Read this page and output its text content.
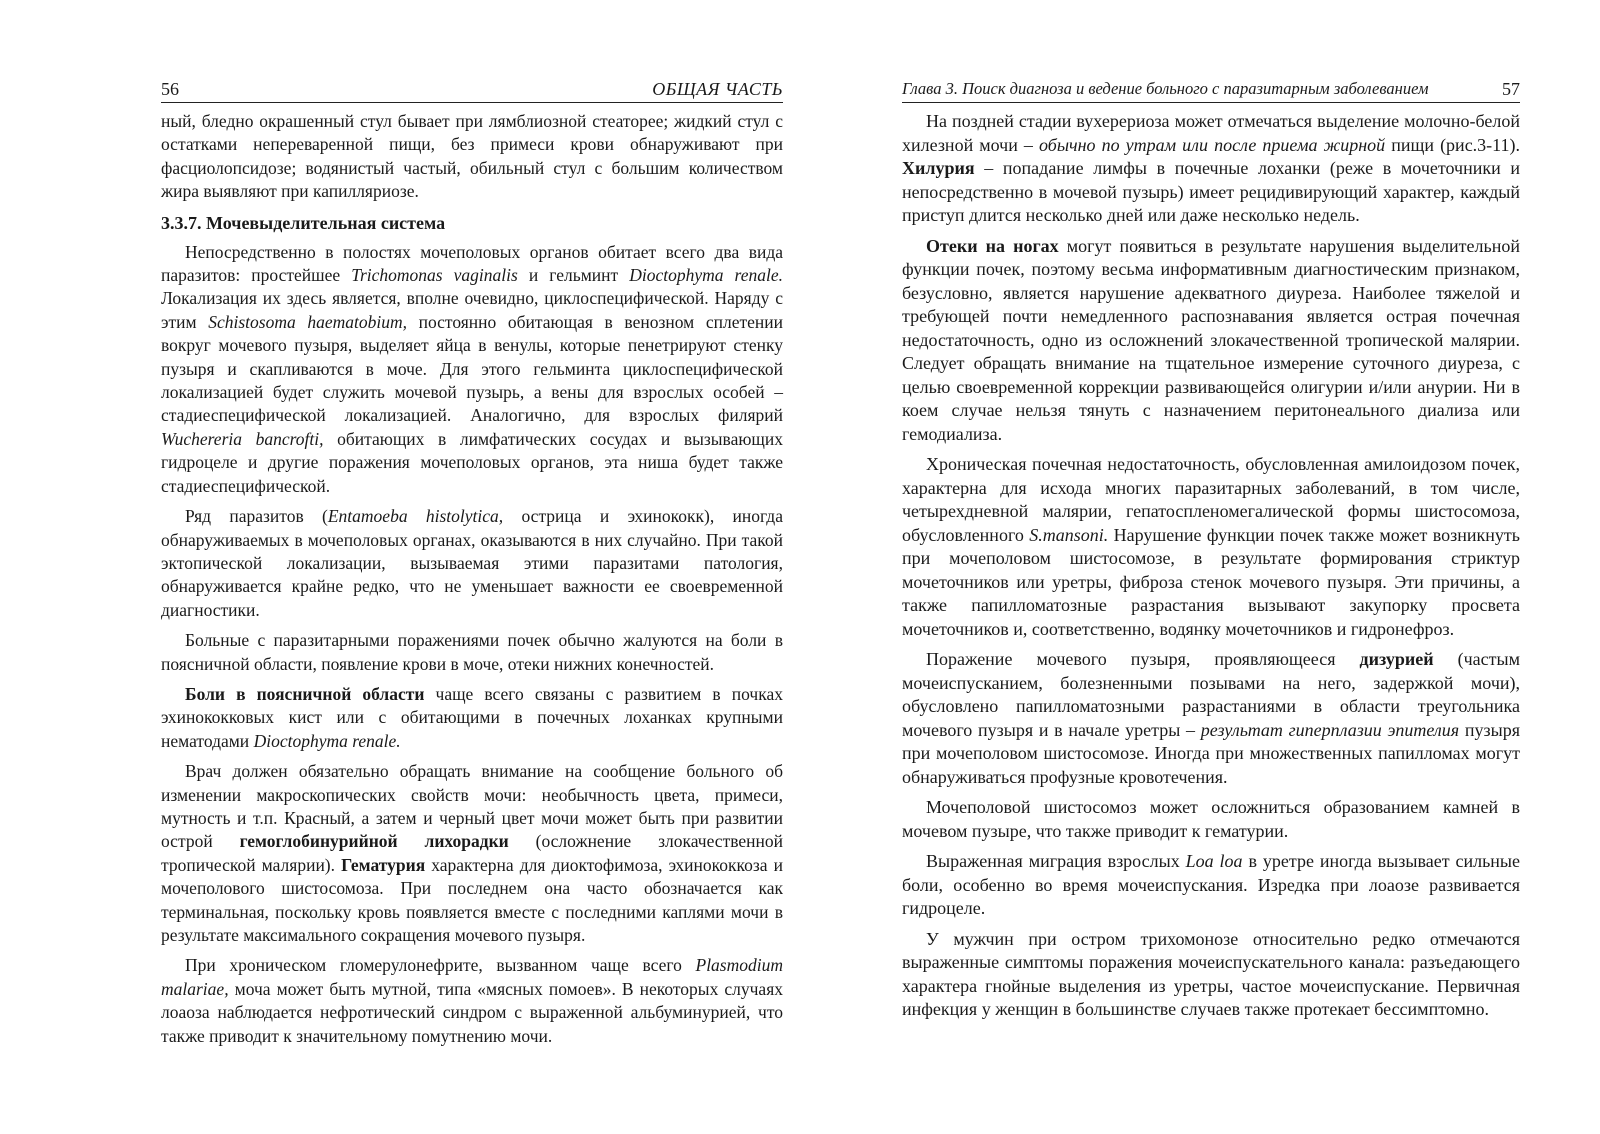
56	ОБЩАЯ ЧАСТЬ

ный, бледно окрашенный стул бывает при лямблиозной стеаторее; жидкий стул с остатками непереваренной пищи, без примеси крови обнаруживают при фасциолопсидозе; водянистый частый, обильный стул с большим количеством жира выявляют при капилляриозе.

3.3.7. Мочевыделительная система

Непосредственно в полостях мочеполовых органов обитает всего два вида паразитов: простейшее Trichomonas vaginalis и гельминт Dioctophyma renale. Локализация их здесь является, вполне очевидно, циклоспецифической. Наряду с этим Schistosoma haematobium, постоянно обитающая в венозном сплетении вокруг мочевого пузыря, выделяет яйца в венулы, которые пенетрируют стенку пузыря и скапливаются в моче. Для этого гельминта циклоспецифической локализацией будет служить мочевой пузырь, а вены для взрослых особей – стадиеспецифической локализацией. Аналогично, для взрослых филярий Wuchereria bancrofti, обитающих в лимфатических сосудах и вызывающих гидроцеле и другие поражения мочеполовых органов, эта ниша будет также стадиеспецифической.

Ряд паразитов (Entamoeba histolytica, острица и эхинококк), иногда обнаруживаемых в мочеполовых органах, оказываются в них случайно. При такой эктопической локализации, вызываемая этими паразитами патология, обнаруживается крайне редко, что не уменьшает важности ее своевременной диагностики.

Больные с паразитарными поражениями почек обычно жалуются на боли в поясничной области, появление крови в моче, отеки нижних конечностей.

Боли в поясничной области чаще всего связаны с развитием в почках эхинококковых кист или с обитающими в почечных лоханках крупными нематодами Dioctophyma renale.

Врач должен обязательно обращать внимание на сообщение больного об изменении макроскопических свойств мочи: необычность цвета, примеси, мутность и т.п. Красный, а затем и черный цвет мочи может быть при развитии острой гемоглобинурийной лихорадки (осложнение злокачественной тропической малярии). Гематурия характерна для диоктофимоза, эхинококкоза и мочеполового шистосомоза. При последнем она часто обозначается как терминальная, поскольку кровь появляется вместе с последними каплями мочи в результате максимального сокращения мочевого пузыря.

При хроническом гломерулонефрите, вызванном чаще всего Plasmodium malariae, моча может быть мутной, типа «мясных помоев». В некоторых случаях лоаоза наблюдается нефротический синдром с выраженной альбуминурией, что также приводит к значительному помутнению мочи.

Глава 3. Поиск диагноза и ведение больного с паразитарным заболеванием	57

На поздней стадии вухерериоза может отмечаться выделение молочно-белой хилезной мочи – обычно по утрам или после приема жирной пищи (рис.3-11). Хилурия – попадание лимфы в почечные лоханки (реже в мочеточники и непосредственно в мочевой пузырь) имеет рецидивирующий характер, каждый приступ длится несколько дней или даже несколько недель.

Отеки на ногах могут появиться в результате нарушения выделительной функции почек, поэтому весьма информативным диагностическим признаком, безусловно, является нарушение адекватного диуреза. Наиболее тяжелой и требующей почти немедленного распознавания является острая почечная недостаточность, одно из осложнений злокачественной тропической малярии. Следует обращать внимание на тщательное измерение суточного диуреза, с целью своевременной коррекции развивающейся олигурии и/или анурии. Ни в коем случае нельзя тянуть с назначением перитонеального диализа или гемодиализа.

Хроническая почечная недостаточность, обусловленная амилоидозом почек, характерна для исхода многих паразитарных заболеваний, в том числе, четырехдневной малярии, гепатоспленомегалической формы шистосомоза, обусловленного S.mansoni. Нарушение функции почек также может возникнуть при мочеполовом шистосомозе, в результате формирования стриктур мочеточников или уретры, фиброза стенок мочевого пузыря. Эти причины, а также папилломатозные разрастания вызывают закупорку просвета мочеточников и, соответственно, водянку мочеточников и гидронефроз.

Поражение мочевого пузыря, проявляющееся дизурией (частым мочеиспусканием, болезненными позывами на него, задержкой мочи), обусловлено папилломатозными разрастаниями в области треугольника мочевого пузыря и в начале уретры – результат гиперплазии эпителия пузыря при мочеполовом шистосомозе. Иногда при множественных папилломах могут обнаруживаться профузные кровотечения.

Мочеполовой шистосомоз может осложниться образованием камней в мочевом пузыре, что также приводит к гематурии.

Выраженная миграция взрослых Loa loa в уретре иногда вызывает сильные боли, особенно во время мочеиспускания. Изредка при лоаозе развивается гидроцеле.

У мужчин при остром трихомонозе относительно редко отмечаются выраженные симптомы поражения мочеиспускательного канала: разъедающего характера гнойные выделения из уретры, частое мочеиспускание. Первичная инфекция у женщин в большинстве случаев также протекает бессимптомно.
